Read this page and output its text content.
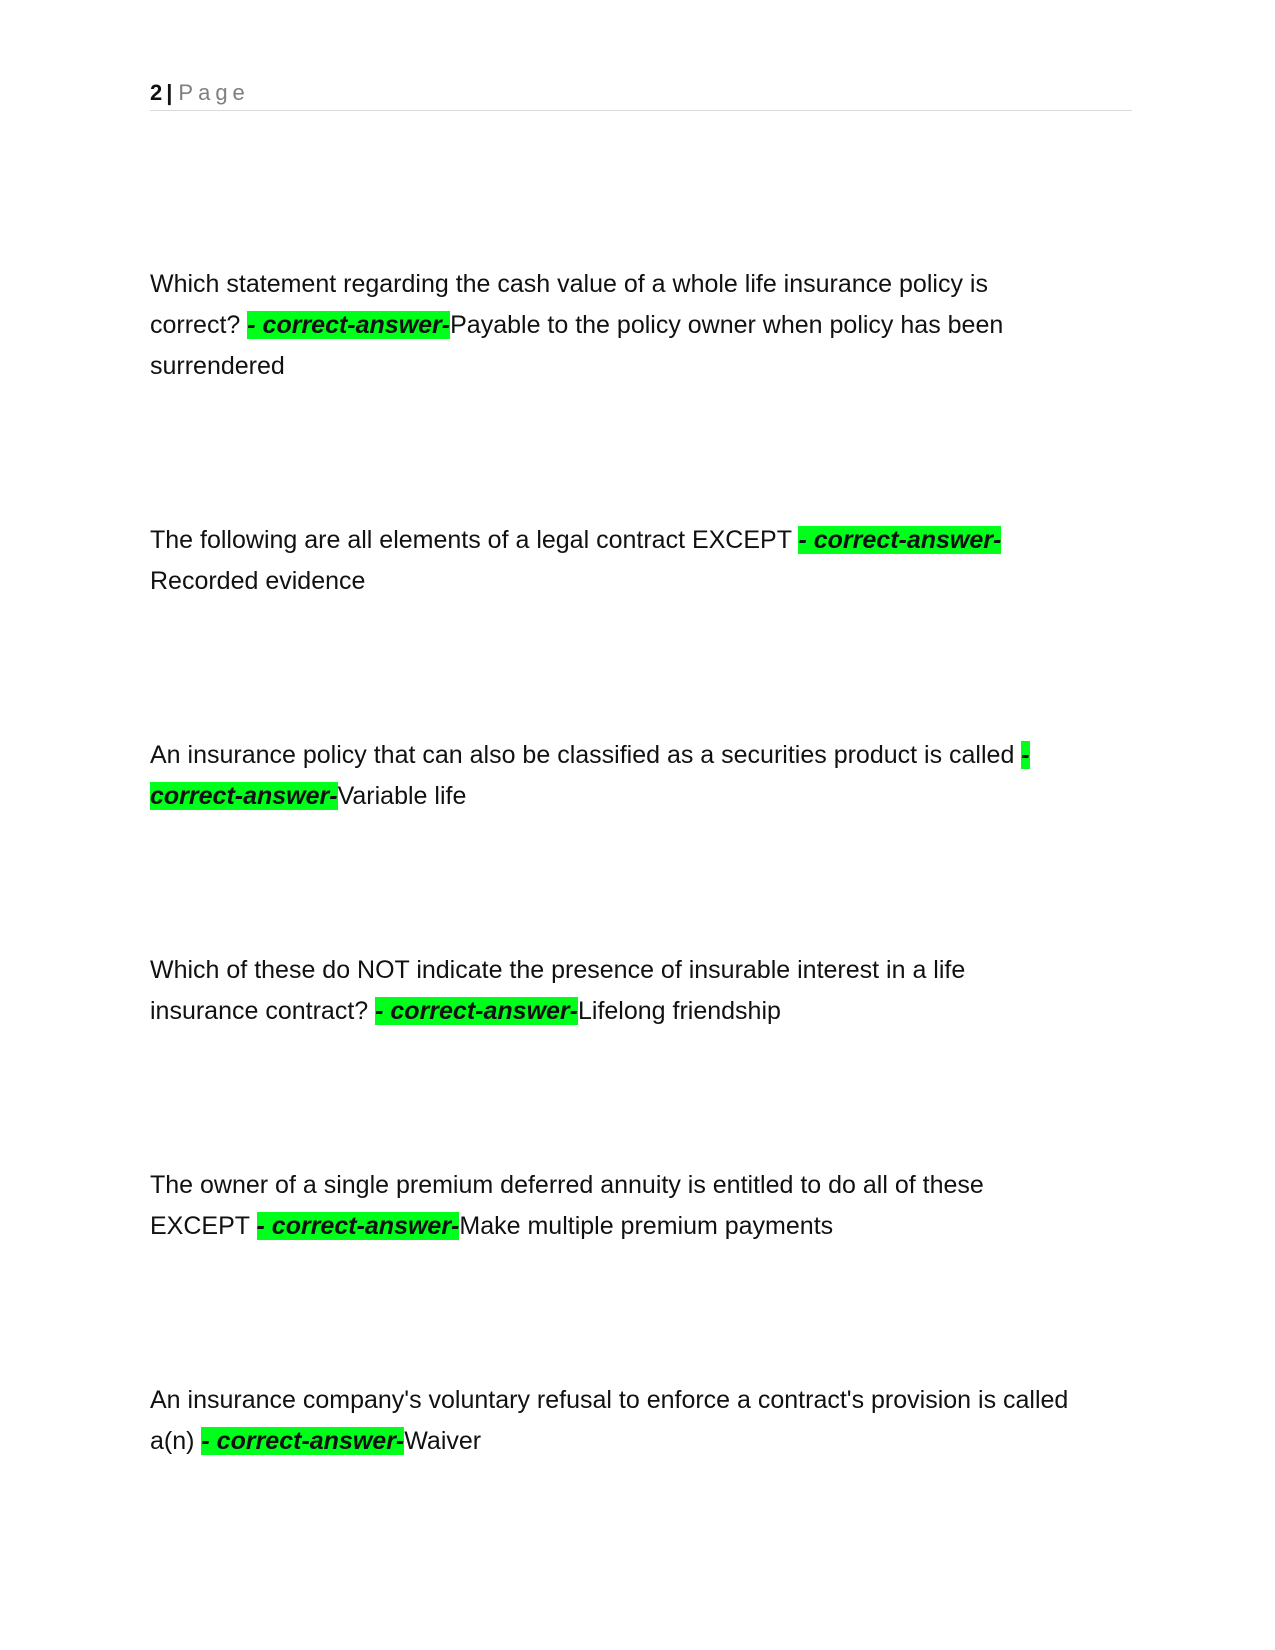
2 | Page

Which statement regarding the cash value of a whole life insurance policy is correct? - correct-answer-Payable to the policy owner when policy has been surrendered

The following are all elements of a legal contract EXCEPT - correct-answer-Recorded evidence

An insurance policy that can also be classified as a securities product is called - correct-answer-Variable life

Which of these do NOT indicate the presence of insurable interest in a life insurance contract? - correct-answer-Lifelong friendship

The owner of a single premium deferred annuity is entitled to do all of these EXCEPT - correct-answer-Make multiple premium payments

An insurance company's voluntary refusal to enforce a contract's provision is called a(n) - correct-answer-Waiver
